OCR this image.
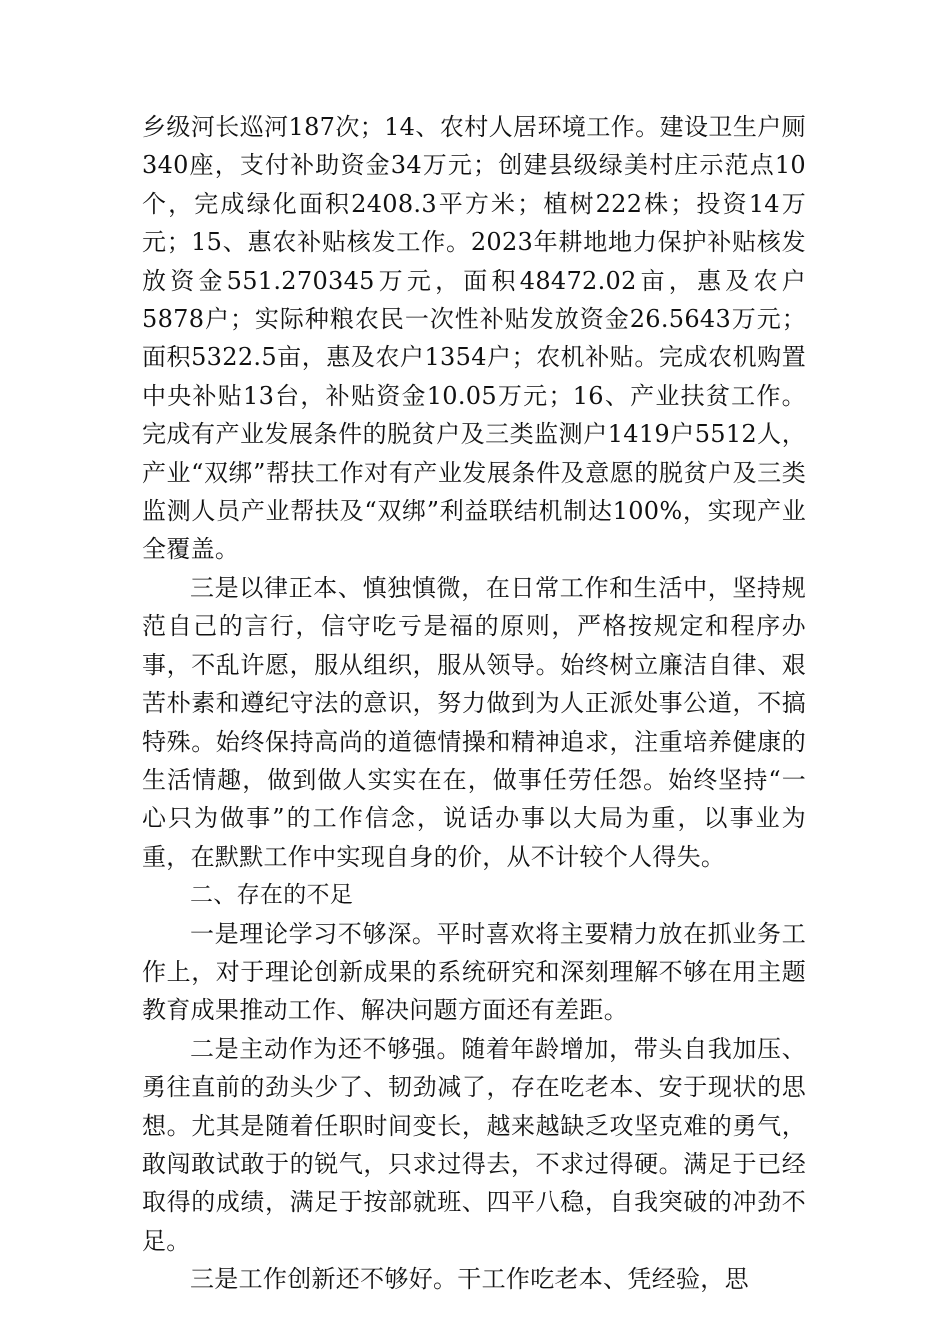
乡级河长巡河187次；14、农村人居环境工作。建设卫生户厕340座，支付补助资金34万元；创建县级绿美村庄示范点10个，完成绿化面积2408.3平方米；植树222株；投资14万元；15、惠农补贴核发工作。2023年耕地地力保护补贴核发放资金551.270345万元，面积48472.02亩，惠及农户5878户；实际种粮农民一次性补贴发放资金26.5643万元；面积5322.5亩，惠及农户1354户；农机补贴。完成农机购置中央补贴13台，补贴资金10.05万元；16、产业扶贫工作。完成有产业发展条件的脱贫户及三类监测户1419户5512人，产业“双绑”帮扶工作对有产业发展条件及意愿的脱贫户及三类监测人员产业帮扶及“双绑”利益联结机制达100%，实现产业全覆盖。

三是以律正本、慎独慎微，在日常工作和生活中，坚持规范自己的言行，信守吃亏是福的原则，严格按规定和程序办事，不乱许愿，服从组织，服从领导。始终树立廉洁自律、艰苦朴素和遵纪守法的意识，努力做到为人正派处事公道，不搞特殊。始终保持高尚的道德情操和精神追求，注重培养健康的生活情趣，做到做人实实在在，做事任劳任怨。始终坚持“一心只为做事”的工作信念，说话办事以大局为重，以事业为重，在默默工作中实现自身的价，从不计较个人得失。

二、存在的不足

一是理论学习不够深。平时喜欢将主要精力放在抓业务工作上，对于理论创新成果的系统研究和深刻理解不够在用主题教育成果推动工作、解决问题方面还有差距。

二是主动作为还不够强。随着年龄增加，带头自我加压、勇往直前的劲头少了、韧劲减了，存在吃老本、安于现状的思想。尤其是随着任职时间变长，越来越缺乏攻坚克难的勇气，敢闯敢试敢于的锐气，只求过得去，不求过得硬。满足于已经取得的成绩，满足于按部就班、四平八稳，自我突破的冲劲不足。

三是工作创新还不够好。干工作吃老本、凭经验，思
